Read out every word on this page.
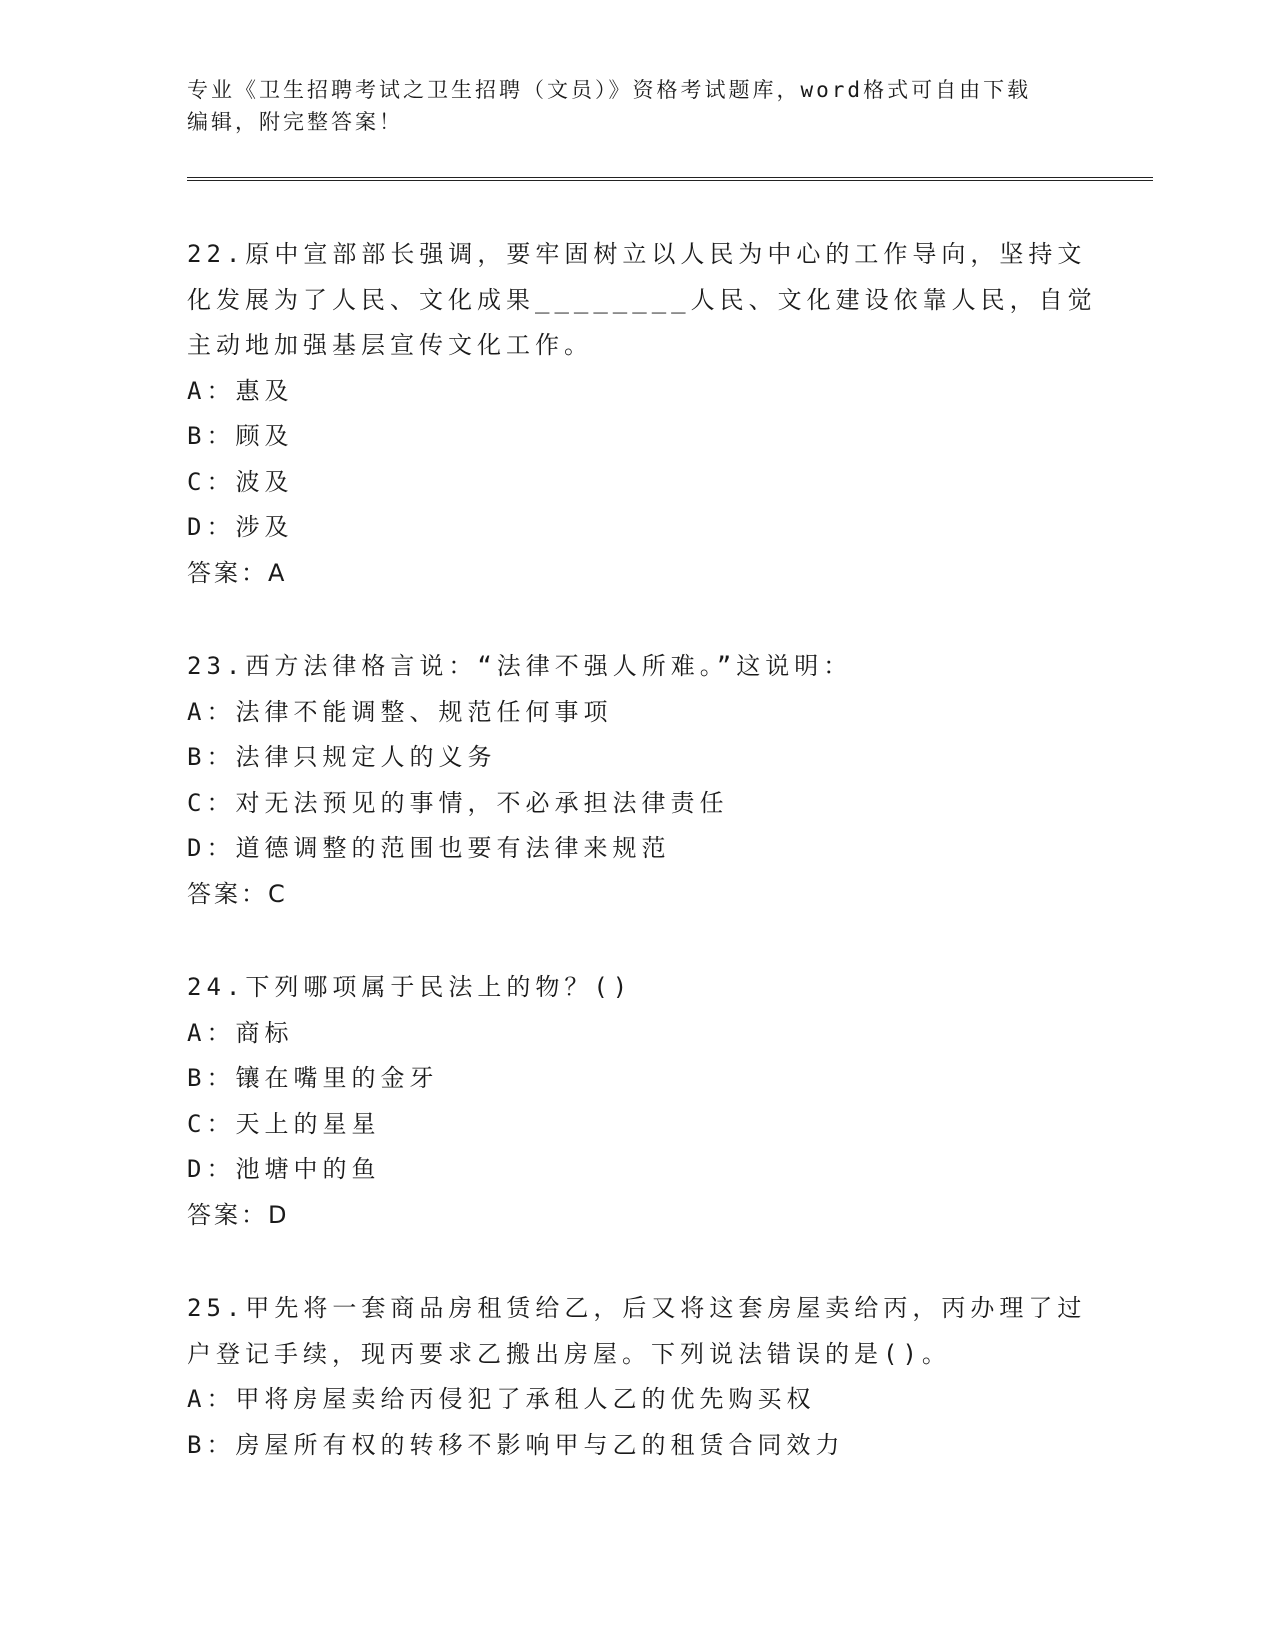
专业《卫生招聘考试之卫生招聘（文员）》资格考试题库，word格式可自由下载
编辑，附完整答案！
22.原中宣部部长强调，要牢固树立以人民为中心的工作导向，坚持文
化发展为了人民、文化成果________人民、文化建设依靠人民，自觉
主动地加强基层宣传文化工作。
A：惠及
B：顾及
C：波及
D：涉及
答案：A
23.西方法律格言说：“法律不强人所难。”这说明：
A：法律不能调整、规范任何事项
B：法律只规定人的义务
C：对无法预见的事情，不必承担法律责任
D：道德调整的范围也要有法律来规范
答案：C
24.下列哪项属于民法上的物？()
A：商标
B：镶在嘴里的金牙
C：天上的星星
D：池塘中的鱼
答案：D
25.甲先将一套商品房租赁给乙，后又将这套房屋卖给丙，丙办理了过
户登记手续，现丙要求乙搬出房屋。下列说法错误的是()。
A：甲将房屋卖给丙侵犯了承租人乙的优先购买权
B：房屋所有权的转移不影响甲与乙的租赁合同效力
